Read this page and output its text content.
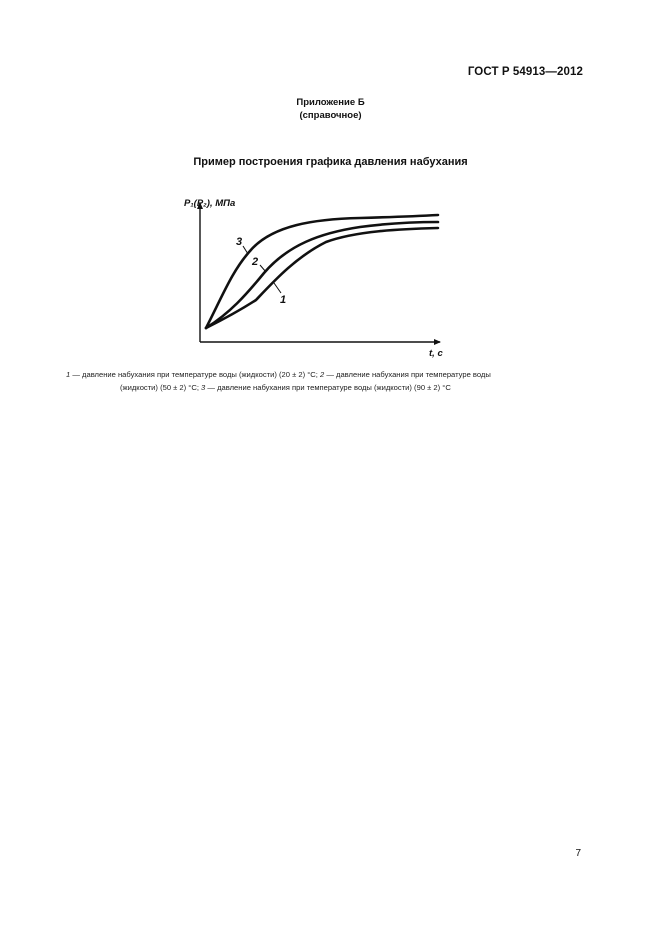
ГОСТ Р 54913—2012
Приложение Б
(справочное)
Пример построения графика давления набухания
3
2
1
P₁(P₂), МПа
t, c
1 — давление набухания при температуре воды (жидкости) (20 ± 2) °С; 2 — давление набухания при температуре воды
(жидкости) (50 ± 2) °С; 3 — давление набухания при температуре воды (жидкости) (90 ± 2) °С
7
